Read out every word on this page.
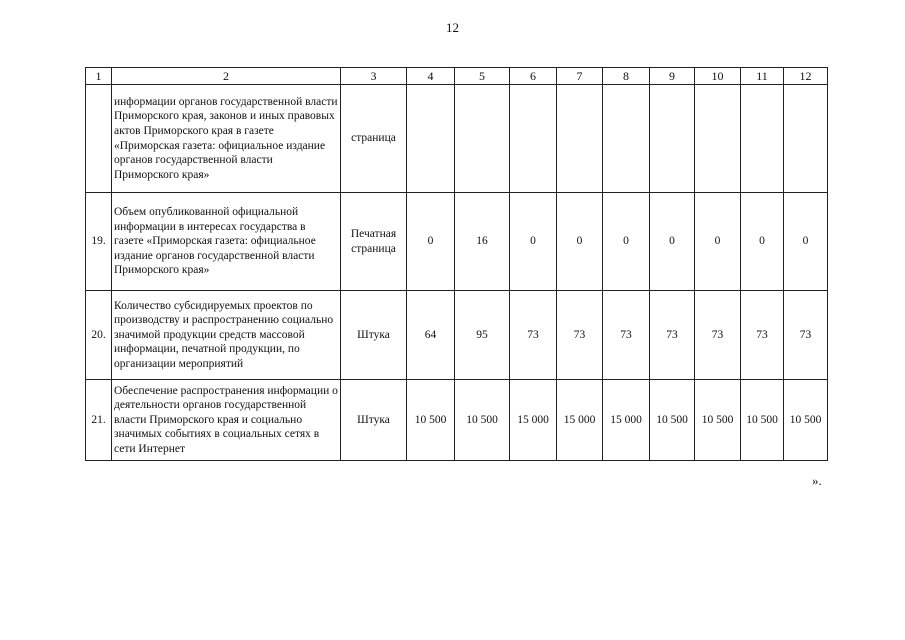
12
1	2	3	4	5	6	7	8	9	10	11	12
	информации органов государственной власти Приморского края, законов и иных правовых актов Приморского края в газете «Приморская газета: официальное издание органов государственной власти Приморского края»	страница									
19.	Объем опубликованной официальной информации в интересах государства в газете «Приморская газета: официальное издание органов государственной власти Приморского края»	Печатная страница	0	16	0	0	0	0	0	0	0
20.	Количество субсидируемых проектов по производству и распространению социально значимой продукции средств массовой информации, печатной продукции, по организации мероприятий	Штука	64	95	73	73	73	73	73	73	73
21.	Обеспечение распространения информации о деятельности органов государственной власти Приморского края и социально значимых событиях в социальных сетях в сети Интернет	Штука	10 500	10 500	15 000	15 000	15 000	10 500	10 500	10 500	10 500
».
